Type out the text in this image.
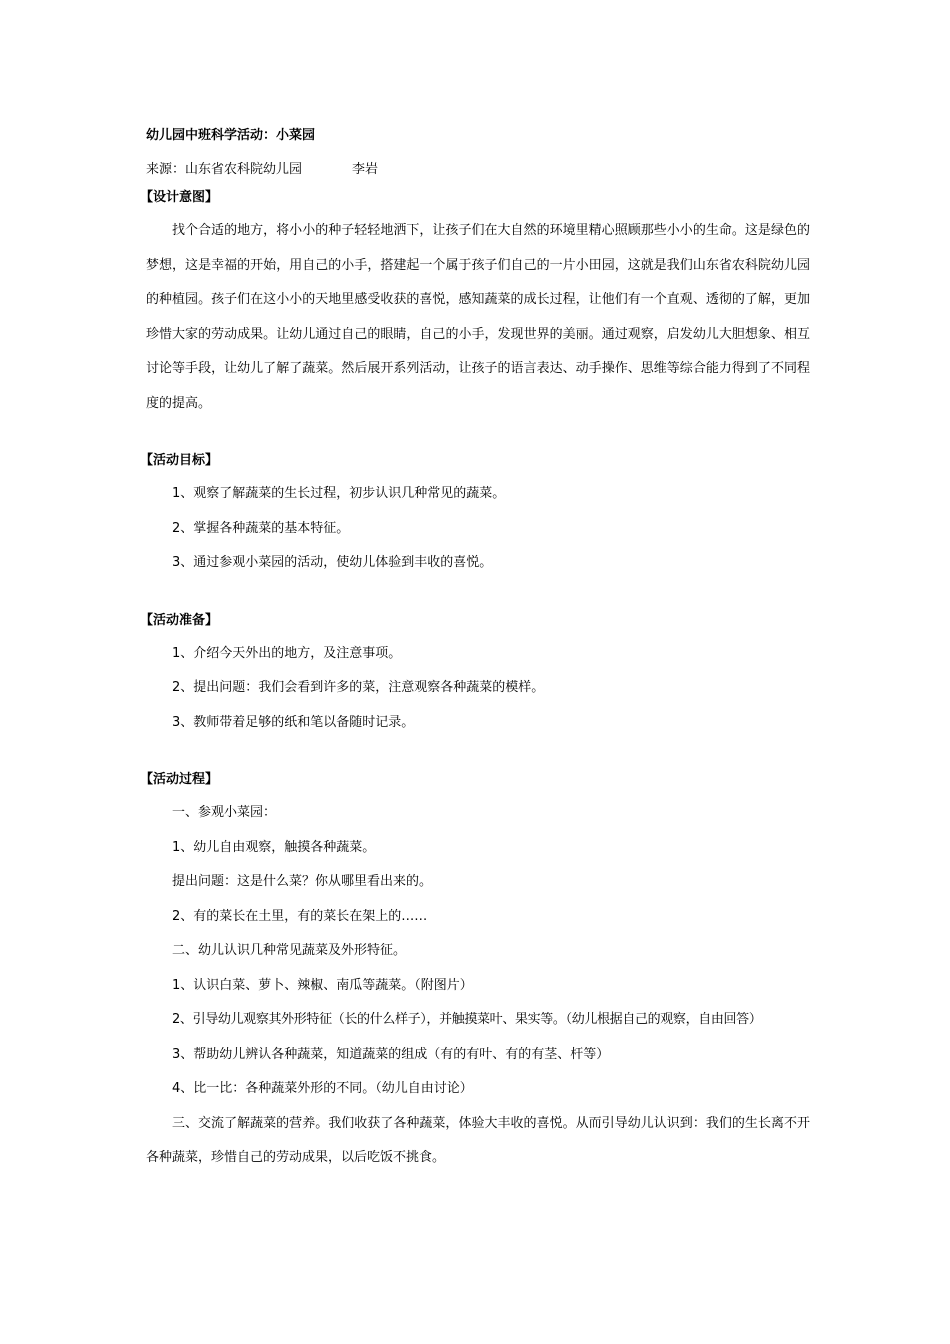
幼儿园中班科学活动：小菜园
来源：山东省农科院幼儿园	李岩
【设计意图】

找个合适的地方，将小小的种子轻轻地洒下，让孩子们在大自然的环境里精心照顾那些小小的生命。这是绿色的梦想，这是幸福的开始，用自己的小手，搭建起一个属于孩子们自己的一片小田园，这就是我们山东省农科院幼儿园的种植园。孩子们在这小小的天地里感受收获的喜悦，感知蔬菜的成长过程，让他们有一个直观、透彻的了解，更加珍惜大家的劳动成果。让幼儿通过自己的眼睛，自己的小手，发现世界的美丽。通过观察，启发幼儿大胆想象、相互讨论等手段，让幼儿了解了蔬菜。然后展开系列活动，让孩子的语言表达、动手操作、思维等综合能力得到了不同程度的提高。

【活动目标】

1、观察了解蔬菜的生长过程，初步认识几种常见的蔬菜。

2、掌握各种蔬菜的基本特征。

3、通过参观小菜园的活动，使幼儿体验到丰收的喜悦。

【活动准备】

1、介绍今天外出的地方，及注意事项。

2、提出问题：我们会看到许多的菜，注意观察各种蔬菜的模样。

3、教师带着足够的纸和笔以备随时记录。

【活动过程】

一、参观小菜园：

1、幼儿自由观察，触摸各种蔬菜。

提出问题：这是什么菜？你从哪里看出来的。

2、有的菜长在土里，有的菜长在架上的……

二、幼儿认识几种常见蔬菜及外形特征。

1、认识白菜、萝卜、辣椒、南瓜等蔬菜。（附图片）

2、引导幼儿观察其外形特征（长的什么样子），并触摸菜叶、果实等。（幼儿根据自己的观察，自由回答）

3、帮助幼儿辨认各种蔬菜，知道蔬菜的组成（有的有叶、有的有茎、杆等）

4、比一比：各种蔬菜外形的不同。（幼儿自由讨论）

三、交流了解蔬菜的营养。我们收获了各种蔬菜，体验大丰收的喜悦。从而引导幼儿认识到：我们的生长离不开各种蔬菜，珍惜自己的劳动成果，以后吃饭不挑食。
